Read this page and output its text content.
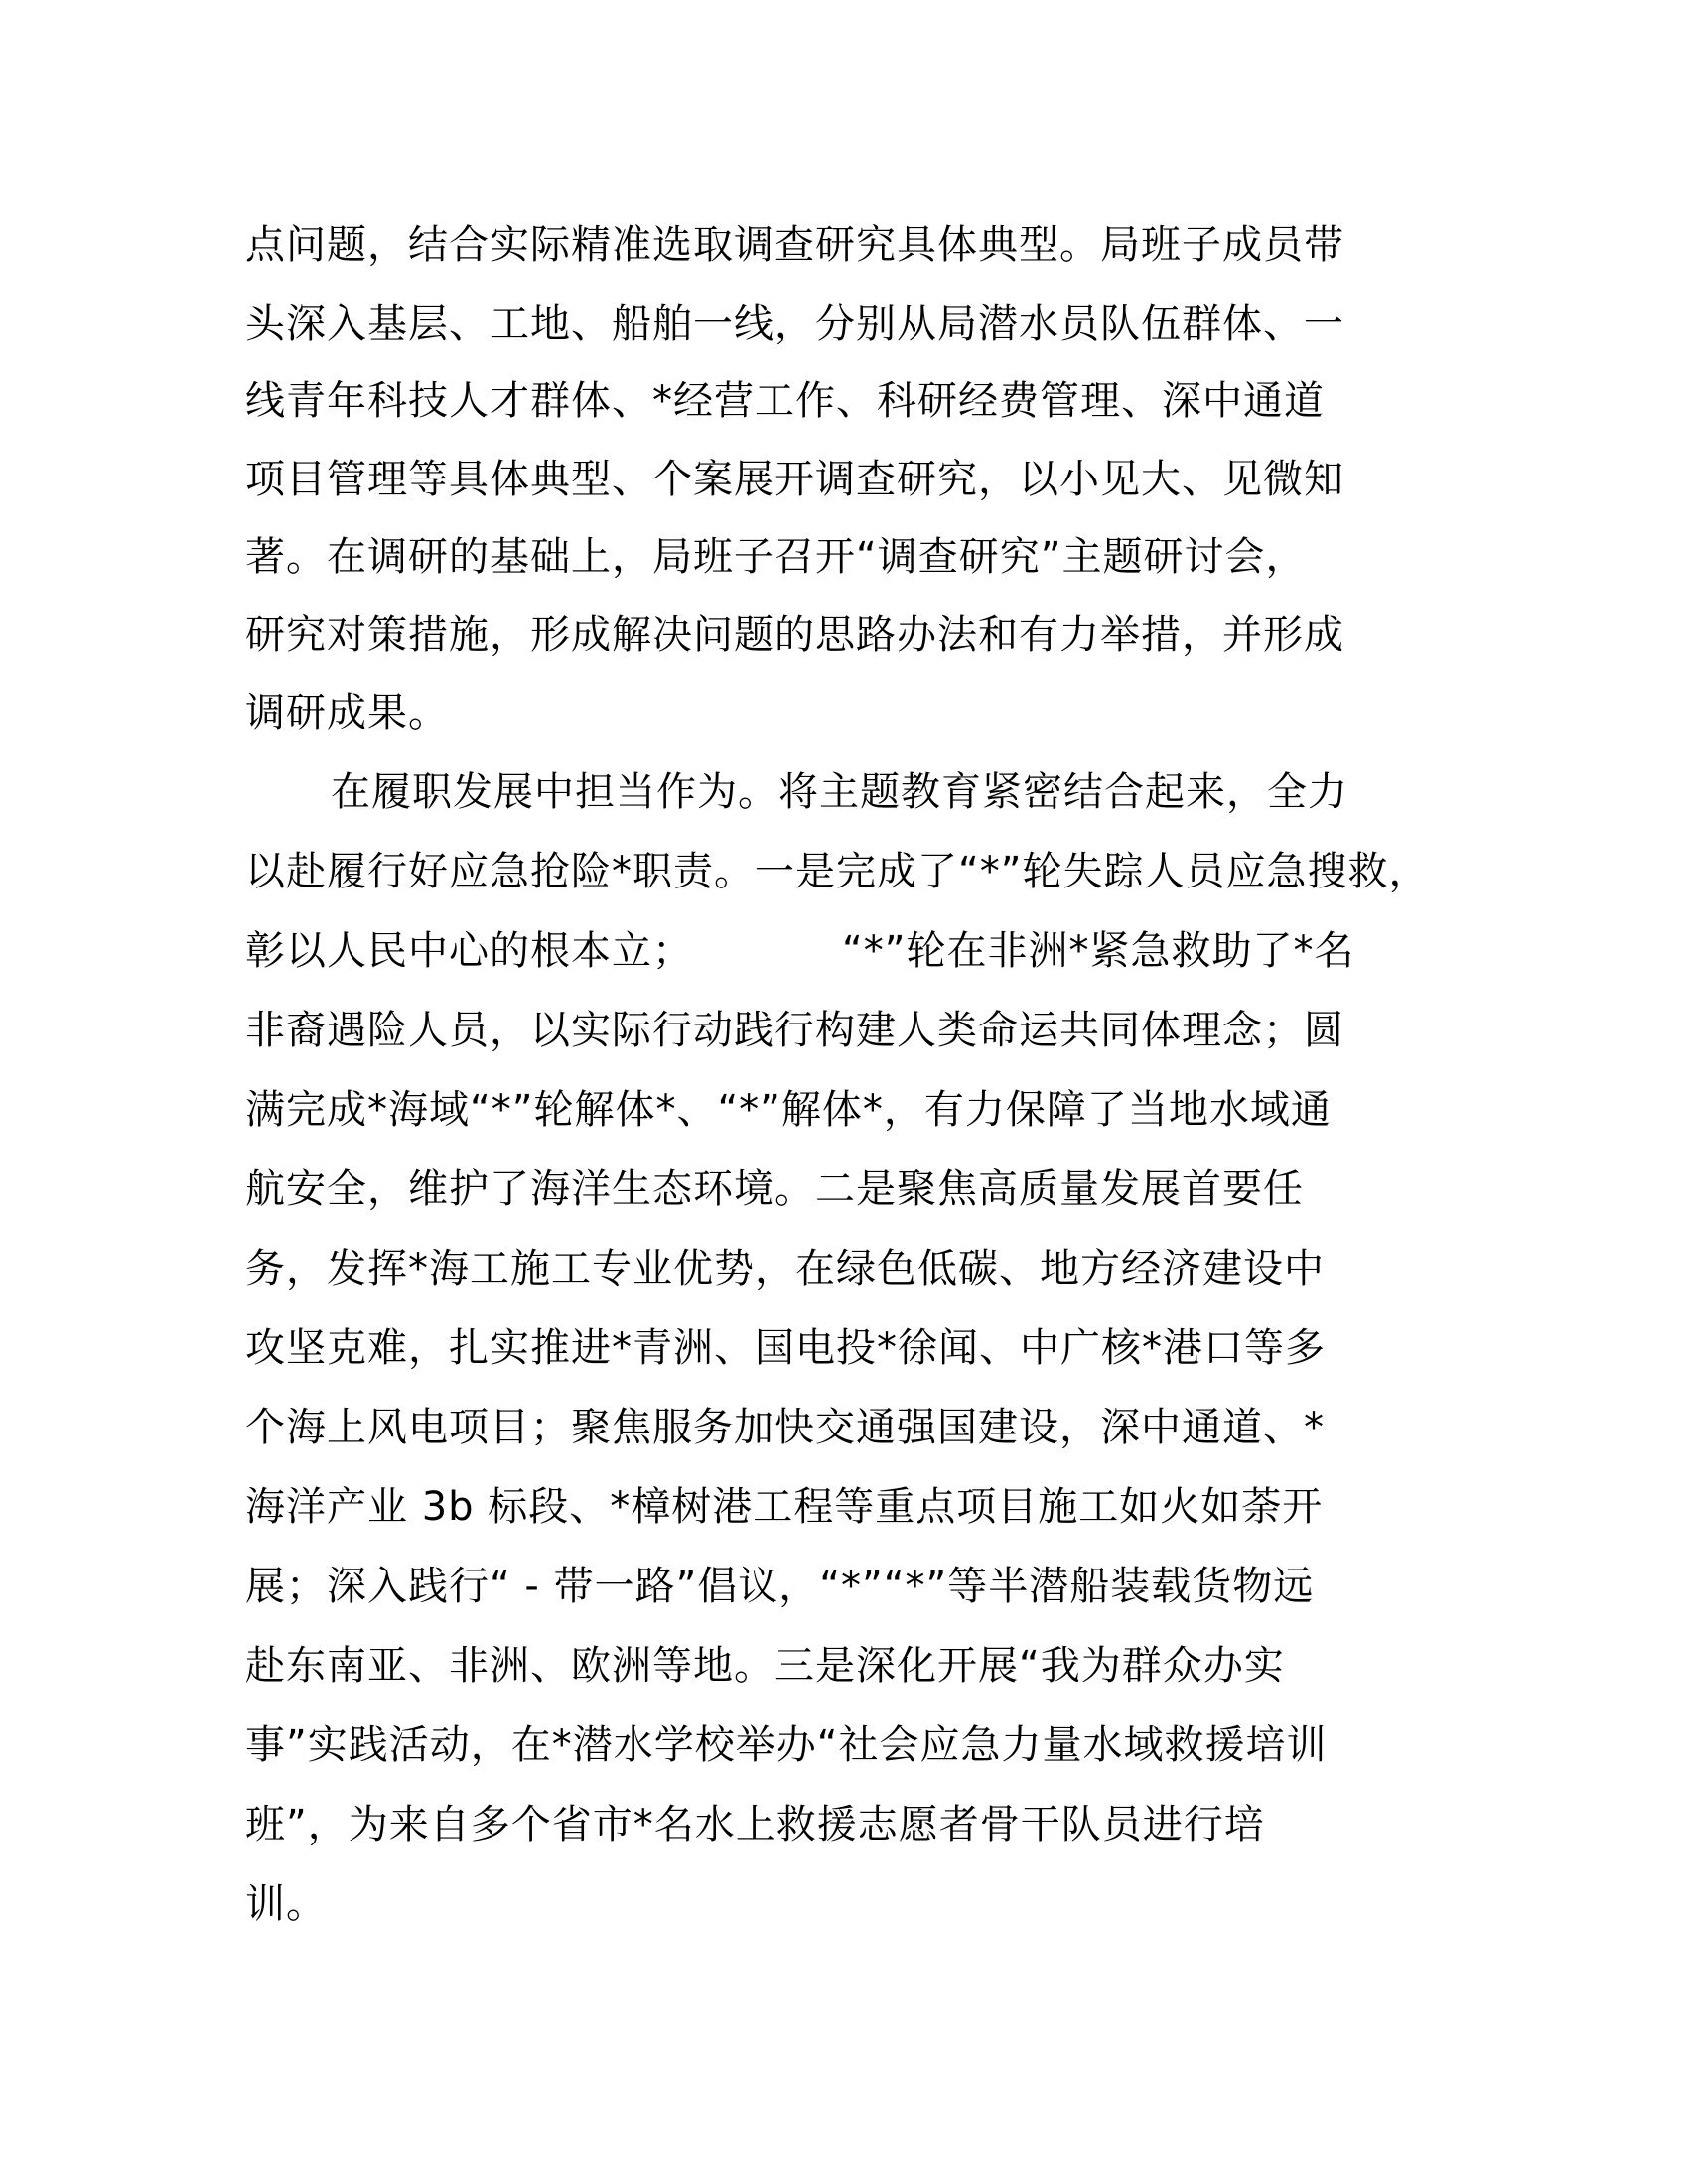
点问题，结合实际精准选取调查研究具体典型。局班子成员带
头深入基层、工地、船舶一线，分别从局潜水员队伍群体、一
线青年科技人才群体、*经营工作、科研经费管理、深中通道
项目管理等具体典型、个案展开调查研究，以小见大、见微知
著。在调研的基础上，局班子召开“调查研究”主题研讨会，
研究对策措施，形成解决问题的思路办法和有力举措，并形成
调研成果。
在履职发展中担当作为。将主题教育紧密结合起来，全力
以赴履行好应急抢险*职责。一是完成了“*”轮失踪人员应急搜救，
彰以人民中心的根本立；	“*”轮在非洲*紧急救助了*名
非裔遇险人员，以实际行动践行构建人类命运共同体理念；圆
满完成*海域“*”轮解体*、“*”解体*，有力保障了当地水域通
航安全，维护了海洋生态环境。二是聚焦高质量发展首要任
务，发挥*海工施工专业优势，在绿色低碳、地方经济建设中
攻坚克难，扎实推进*青洲、国电投*徐闻、中广核*港口等多
个海上风电项目；聚焦服务加快交通强国建设，深中通道、*
海洋产业 3b 标段、*樟树港工程等重点项目施工如火如荼开
展；深入践行“ - 带一路”倡议，“*”“*”等半潜船装载货物远
赴东南亚、非洲、欧洲等地。三是深化开展“我为群众办实
事”实践活动，在*潜水学校举办“社会应急力量水域救援培训
班”，为来自多个省市*名水上救援志愿者骨干队员进行培
训。
